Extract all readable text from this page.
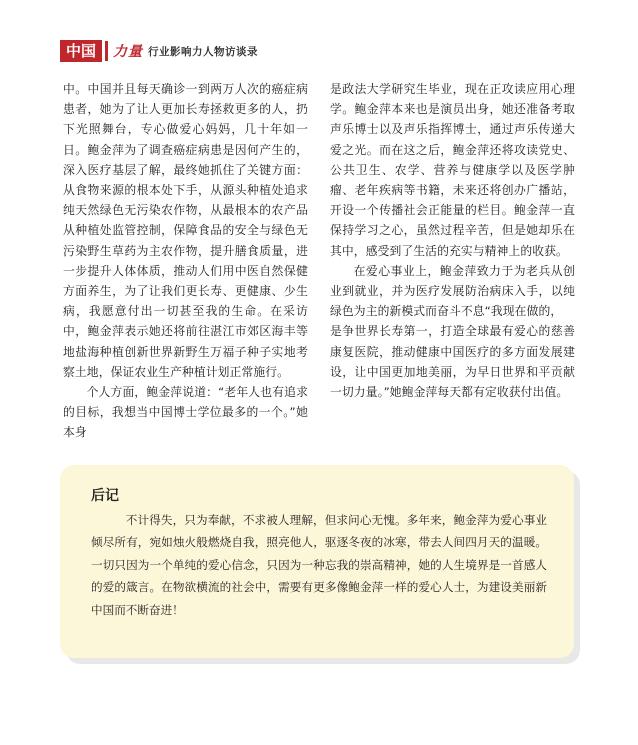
中国	力量 行业影响力人物访谈录

中。中国并且每天确诊一到两万人次的癌症病患者，她为了让人更加长寿拯救更多的人，扔下光照舞台，专心做爱心妈妈，几十年如一日。鲍金萍为了调查癌症病患是因何产生的，深入医疗基层了解，最终她抓住了关键方面：从食物来源的根本处下手，从源头种植处追求纯天然绿色无污染农作物，从最根本的农产品从种植处监管控制，保障食品的安全与绿色无污染野生草药为主农作物，提升膳食质量，进一步提升人体体质，推动人们用中医自然保健方面养生，为了让我们更长寿、更健康、少生病，我愿意付出一切甚至我的生命。在采访中，鲍金萍表示她还将前往湛江市郊区海丰等地盐海种植创新世界新野生万福子种子实地考察土地，保证农业生产种植计划正常施行。

个人方面，鲍金萍说道：“老年人也有追求的目标，我想当中国博士学位最多的一个。”她本身

是政法大学研究生毕业，现在正攻读应用心理学。鲍金萍本来也是演员出身，她还准备考取声乐博士以及声乐指挥博士，通过声乐传递大爱之光。而在这之后，鲍金萍还将攻读党史、公共卫生、农学、营养与健康学以及医学肿瘤、老年疾病等书籍，未来还将创办广播站，开设一个传播社会正能量的栏目。鲍金萍一直保持学习之心，虽然过程辛苦，但是她却乐在其中，感受到了生活的充实与精神上的收获。

在爱心事业上，鲍金萍致力于为老兵从创业到就业，并为医疗发展防治病床入手，以纯绿色为主的新模式而奋斗不息“我现在做的，

是争世界长寿第一，打造全球最有爱心的慈善康复医院，推动健康中国医疗的多方面发展建设，让中国更加地美丽，为早日世界和平贡献一切力量。”她鲍金萍每天都有定收获付出值。

后记
不计得失，只为奉献，不求被人理解，但求问心无愧。多年来，鲍金萍为爱心事业倾尽所有，宛如烛火般燃烧自我，照亮他人，驱逐冬夜的冰寒，带去人间四月天的温暖。一切只因为一个单纯的爱心信念，只因为一种忘我的崇高精神，她的人生境界是一首感人的爱的箴言。在物欲横流的社会中，需要有更多像鲍金萍一样的爱心人士，为建设美丽新中国而不断奋进！
